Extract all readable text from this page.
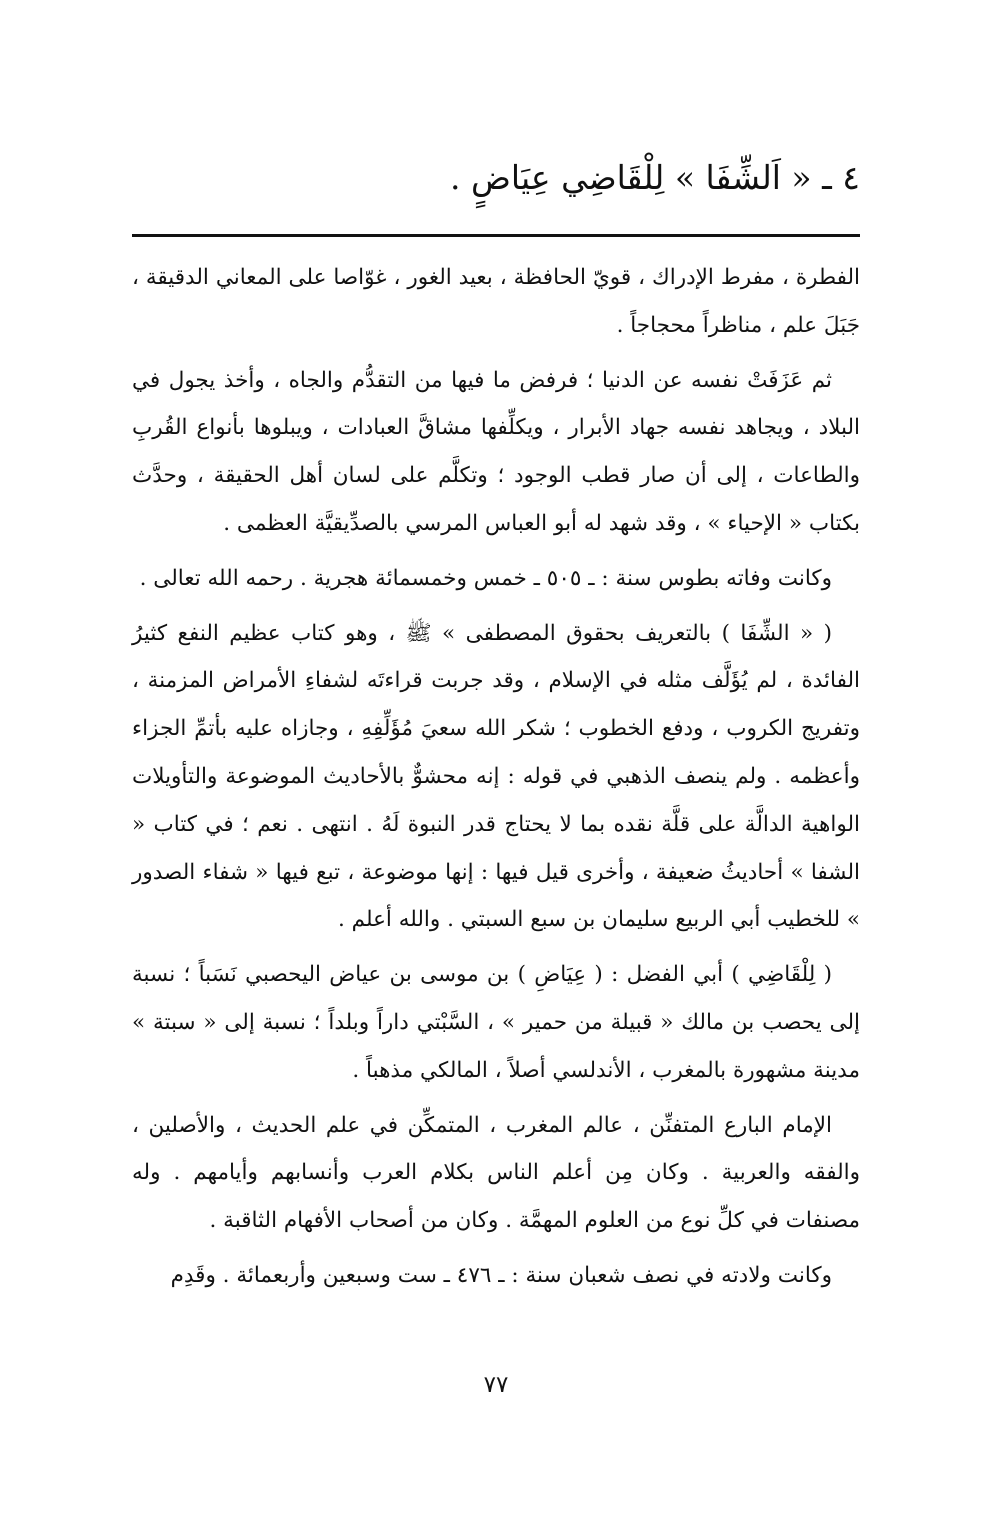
٤ ـ « اَلشِّفَا » لِلْقَاضِي عِيَاضٍ .

الفطرة ، مفرط الإدراك ، قويّ الحافظة ، بعيد الغور ، غوّاصا على المعاني الدقيقة ، جَبَلَ علم ، مناظراً محجاجاً .

ثم عَزَفَتْ نفسه عن الدنيا ؛ فرفض ما فيها من التقدُّم والجاه ، وأخذ يجول في البلاد ، ويجاهد نفسه جهاد الأبرار ، ويكلِّفها مشاقَّ العبادات ، ويبلوها بأنواع القُربِ والطاعات ، إلى أن صار قطب الوجود ؛ وتكلَّم على لسان أهل الحقيقة ، وحدَّث بكتاب « الإحياء » ، وقد شهد له أبو العباس المرسي بالصدِّيقيَّة العظمى .

وكانت وفاته بطوس سنة : ـ ٥٠٥ ـ خمس وخمسمائة هجرية . رحمه الله تعالى .

( « الشِّفَا ) بالتعريف بحقوق المصطفى » ﷺ ، وهو كتاب عظيم النفع كثيرُ الفائدة ، لم يُؤَلَّف مثله في الإسلام ، وقد جربت قراءتَه لشفاءِ الأمراض المزمنة ، وتفريج الكروب ، ودفع الخطوب ؛ شكر الله سعيَ مُؤَلِّفِهِ ، وجازاه عليه بأتمِّ الجزاء وأعظمه . ولم ينصف الذهبي في قوله : إنه محشوٌّ بالأحاديث الموضوعة والتأويلات الواهية الدالَّة على قلَّة نقده بما لا يحتاج قدر النبوة لَهُ . انتهى . نعم ؛ في كتاب « الشفا » أحاديثُ ضعيفة ، وأخرى قيل فيها : إنها موضوعة ، تبع فيها « شفاء الصدور » للخطيب أبي الربيع سليمان بن سبع السبتي . والله أعلم .

( لِلْقَاضِي ) أبي الفضل : ( عِيَاضِ ) بن موسى بن عياض اليحصبي نَسَباً ؛ نسبة إلى يحصب بن مالك « قبيلة من حمير » ، السَّبْتي داراً وبلداً ؛ نسبة إلى « سبتة » مدينة مشهورة بالمغرب ، الأندلسي أصلاً ، المالكي مذهباً .

الإمام البارع المتفنِّن ، عالم المغرب ، المتمكِّن في علم الحديث ، والأصلين ، والفقه والعربية . وكان مِن أعلم الناس بكلام العرب وأنسابهم وأيامهم . وله مصنفات في كلِّ نوع من العلوم المهمَّة . وكان من أصحاب الأفهام الثاقبة .

وكانت ولادته في نصف شعبان سنة : ـ ٤٧٦ ـ ست وسبعين وأربعمائة . وقَدِم

٧٧
